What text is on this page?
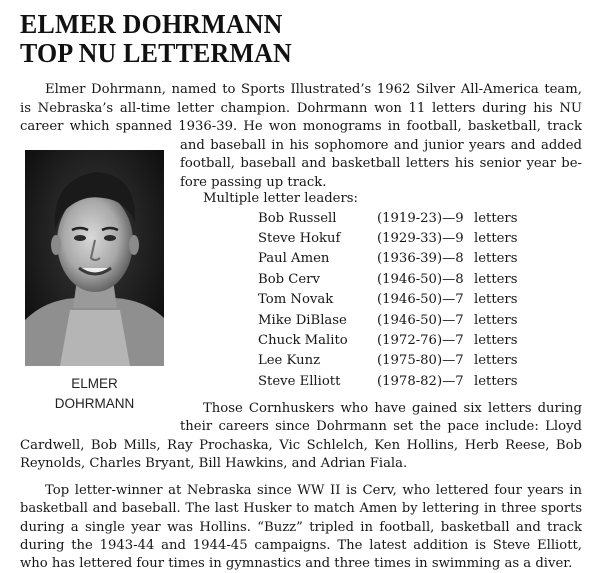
ELMER DOHRMANN
TOP NU LETTERMAN
Elmer Dohrmann, named to Sports Illustrated’s 1962 Silver All-America team,
is Nebraska’s all-time letter champion. Dohrmann won 11 letters during his NU
career which spanned 1936-39. He won monograms in football, basketball, track
and baseball in his sophomore and junior years and added
football, baseball and basketball letters his senior year be-
fore passing up track.
ELMER
DOHRMANN
Multiple letter leaders:
Bob Russell	(1919-23)—9 letters
Steve Hokuf	(1929-33)—9 letters
Paul Amen	(1936-39)—8 letters
Bob Cerv	(1946-50)—8 letters
Tom Novak	(1946-50)—7 letters
Mike DiBlase (1946-50)—7 letters
Chuck Malito (1972-76)—7 letters
Lee Kunz	(1975-80)—7 letters
Steve Elliott	(1978-82)—7 letters
Those Cornhuskers who have gained six letters during
their careers since Dohrmann set the pace include: Lloyd
Cardwell, Bob Mills, Ray Prochaska, Vic Schlelch, Ken Hollins, Herb Reese, Bob
Reynolds, Charles Bryant, Bill Hawkins, and Adrian Fiala.
Top letter-winner at Nebraska since WW II is Cerv, who lettered four years in
basketball and baseball. The last Husker to match Amen by lettering in three sports
during a single year was Hollins. “Buzz” tripled in football, basketball and track
during the 1943-44 and 1944-45 campaigns. The latest addition is Steve Elliott,
who has lettered four times in gymnastics and three times in swimming as a diver.
